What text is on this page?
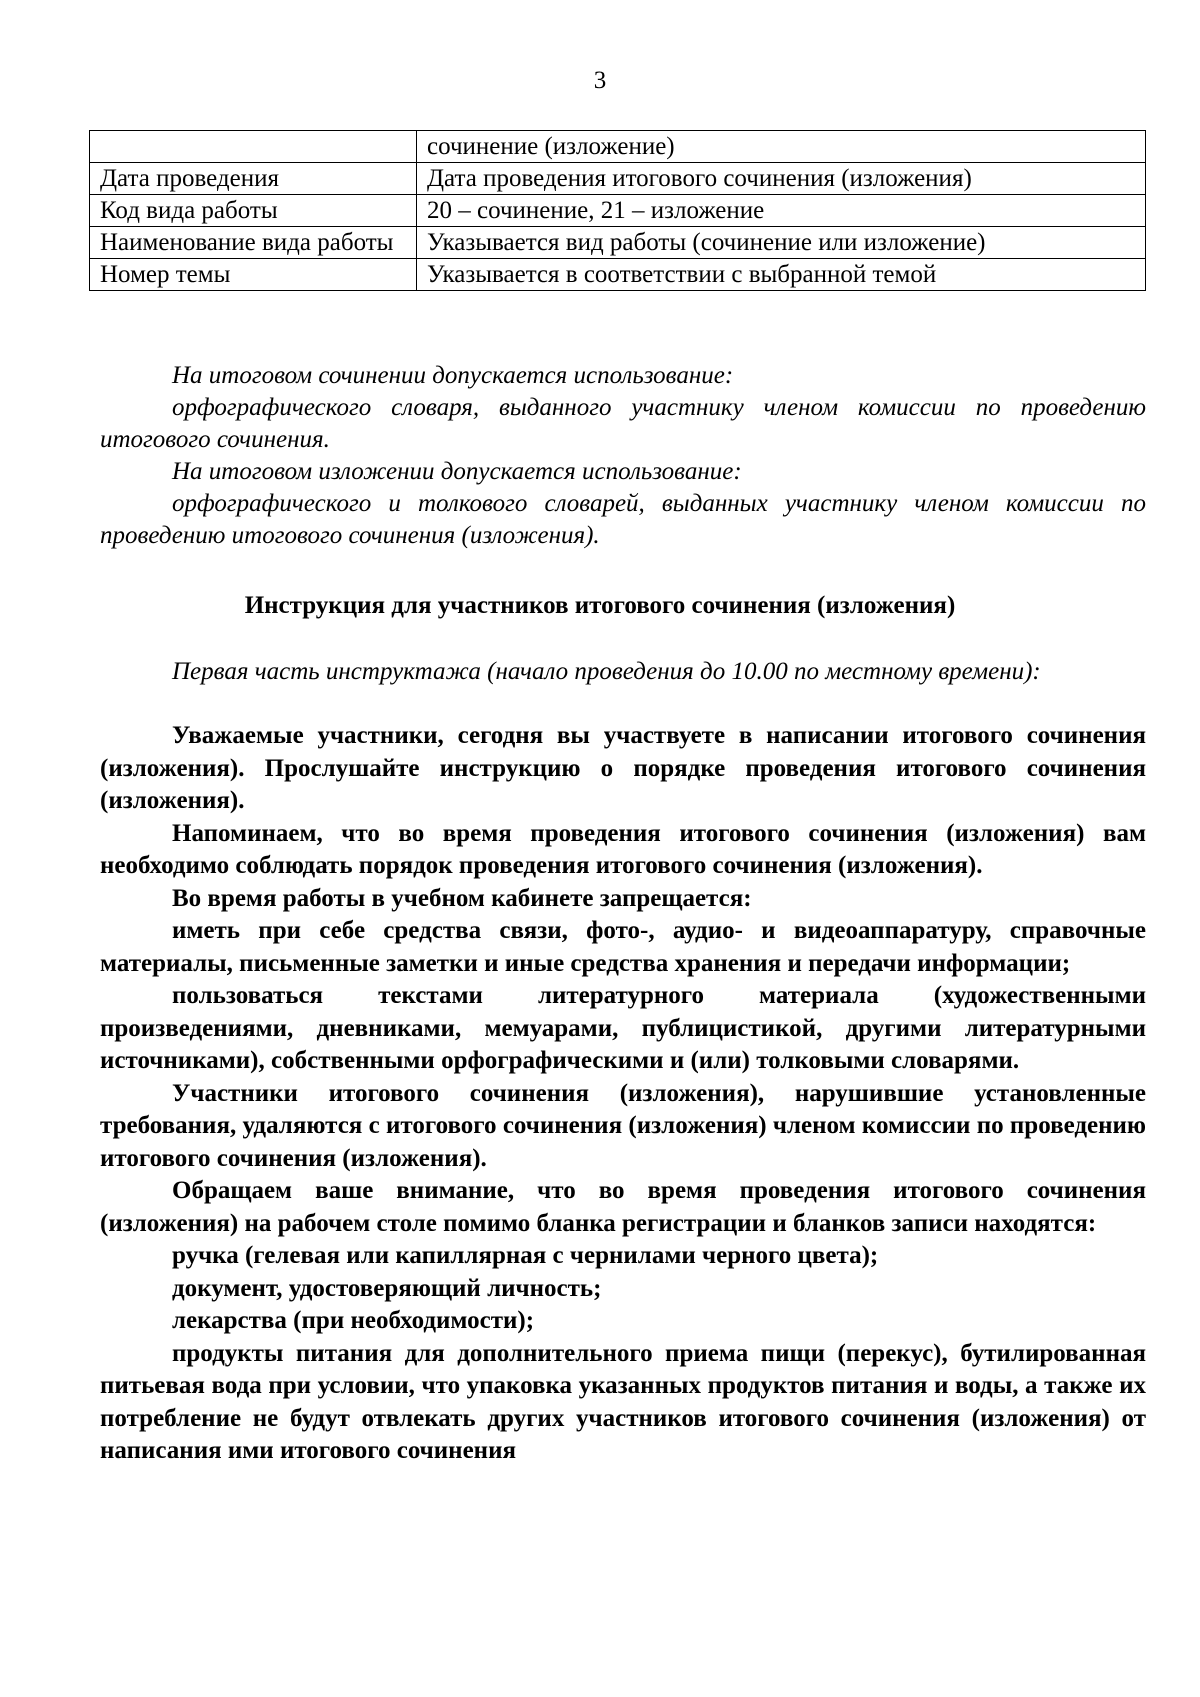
3
	сочинение (изложение)
Дата проведения	Дата проведения итогового сочинения (изложения)
Код вида работы	20 – сочинение, 21 – изложение
Наименование вида работы	Указывается вид работы (сочинение или изложение)
Номер темы	Указывается в соответствии с выбранной темой

На итоговом сочинении допускается использование:

орфографического словаря, выданного участнику членом комиссии по проведению итогового сочинения.

На итоговом изложении допускается использование:

орфографического и толкового словарей, выданных участнику членом комиссии по проведению итогового сочинения (изложения).

Инструкция для участников итогового сочинения (изложения)

Первая часть инструктажа (начало проведения до 10.00 по местному времени):

Уважаемые участники, сегодня вы участвуете в написании итогового сочинения (изложения). Прослушайте инструкцию о порядке проведения итогового сочинения (изложения).

Напоминаем, что во время проведения итогового сочинения (изложения) вам необходимо соблюдать порядок проведения итогового сочинения (изложения).

Во время работы в учебном кабинете запрещается:

иметь при себе средства связи, фото-, аудио- и видеоаппаратуру, справочные материалы, письменные заметки и иные средства хранения и передачи информации;

пользоваться текстами литературного материала (художественными произведениями, дневниками, мемуарами, публицистикой, другими литературными источниками), собственными орфографическими и (или) толковыми словарями.

Участники итогового сочинения (изложения), нарушившие установленные требования, удаляются с итогового сочинения (изложения) членом комиссии по проведению итогового сочинения (изложения).

Обращаем ваше внимание, что во время проведения итогового сочинения (изложения) на рабочем столе помимо бланка регистрации и бланков записи находятся:

ручка (гелевая или капиллярная с чернилами черного цвета);

документ, удостоверяющий личность;

лекарства (при необходимости);

продукты питания для дополнительного приема пищи (перекус), бутилированная питьевая вода при условии, что упаковка указанных продуктов питания и воды, а также их потребление не будут отвлекать других участников итогового сочинения (изложения) от написания ими итогового сочинения
